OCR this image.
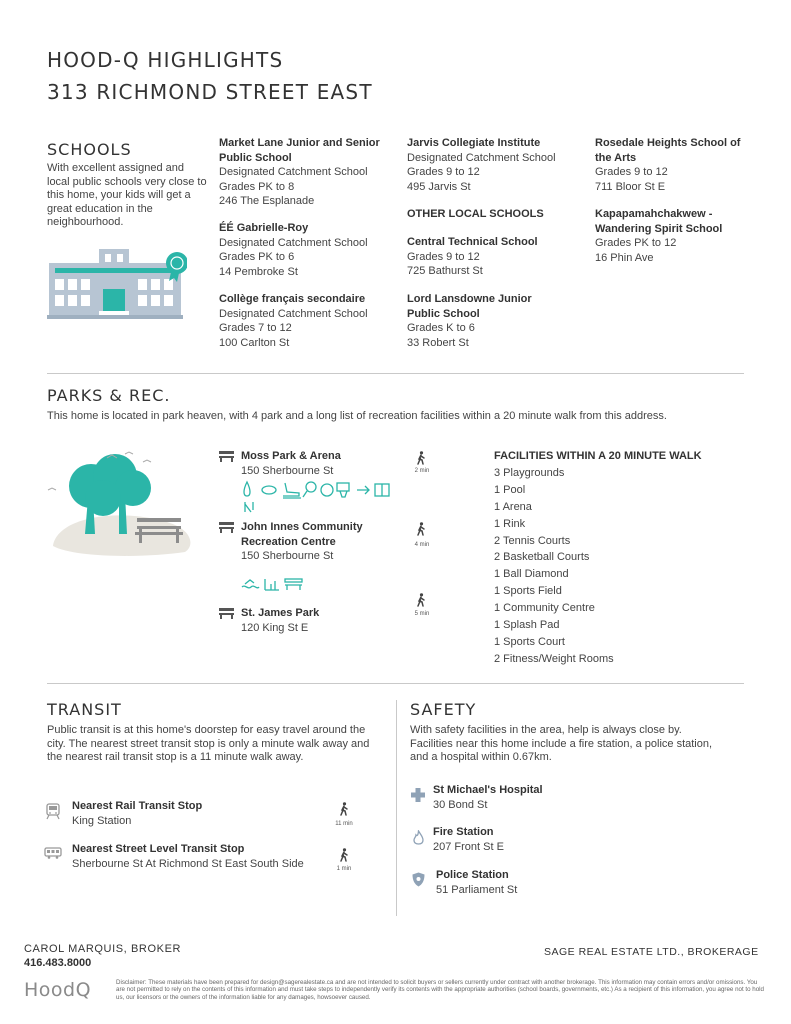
HOOD-Q HIGHLIGHTS
313 RICHMOND STREET EAST
SCHOOLS
With excellent assigned and local public schools very close to this home, your kids will get a great education in the neighbourhood.
Market Lane Junior and Senior Public School
Designated Catchment School
Grades PK to 8
246 The Esplanade
ÉÉ Gabrielle-Roy
Designated Catchment School
Grades PK to 6
14 Pembroke St
Collège français secondaire
Designated Catchment School
Grades 7 to 12
100 Carlton St
Jarvis Collegiate Institute
Designated Catchment School
Grades 9 to 12
495 Jarvis St
OTHER LOCAL SCHOOLS
Central Technical School
Grades 9 to 12
725 Bathurst St
Lord Lansdowne Junior Public School
Grades K to 6
33 Robert St
Rosedale Heights School of the Arts
Grades 9 to 12
711 Bloor St E
Kapapamahchakwew - Wandering Spirit School
Grades PK to 12
16 Phin Ave
PARKS & REC.
This home is located in park heaven, with 4 park and a long list of recreation facilities within a 20 minute walk from this address.
Moss Park & Arena
150 Sherbourne St	2 min
John Innes Community Recreation Centre
150 Sherbourne St
4 min
St. James Park
120 King St E
5 min
FACILITIES WITHIN A 20 MINUTE WALK
3 Playgrounds
1 Pool
1 Arena
1 Rink
2 Tennis Courts
2 Basketball Courts
1 Ball Diamond
1 Sports Field
1 Community Centre
1 Splash Pad
1 Sports Court
2 Fitness/Weight Rooms
TRANSIT
Public transit is at this home's doorstep for easy travel around the city. The nearest street transit stop is only a minute walk away and the nearest rail transit stop is a 11 minute walk away.
Nearest Rail Transit Stop
King Station	11 min
Nearest Street Level Transit Stop
Sherbourne St At Richmond St East South Side	1 min
SAFETY
With safety facilities in the area, help is always close by. Facilities near this home include a fire station, a police station, and a hospital within 0.67km.
St Michael's Hospital
30 Bond St
Fire Station
207 Front St E
Police Station
51 Parliament St
CAROL MARQUIS, BROKER
416.483.8000
SAGE REAL ESTATE LTD., BROKERAGE
HoodQ	Disclaimer: These materials have been prepared for design@sagerealestate.ca and are not intended to solicit buyers or sellers currently under contract with another brokerage. This information may contain errors and/or omissions. You are not permitted to rely on the contents of this information and must take steps to independently verify its contents with the appropriate authorities (school boards, governments, etc.) As a recipient of this information, you agree not to hold us, our licensors or the owners of the information liable for any damages, howsoever caused.
